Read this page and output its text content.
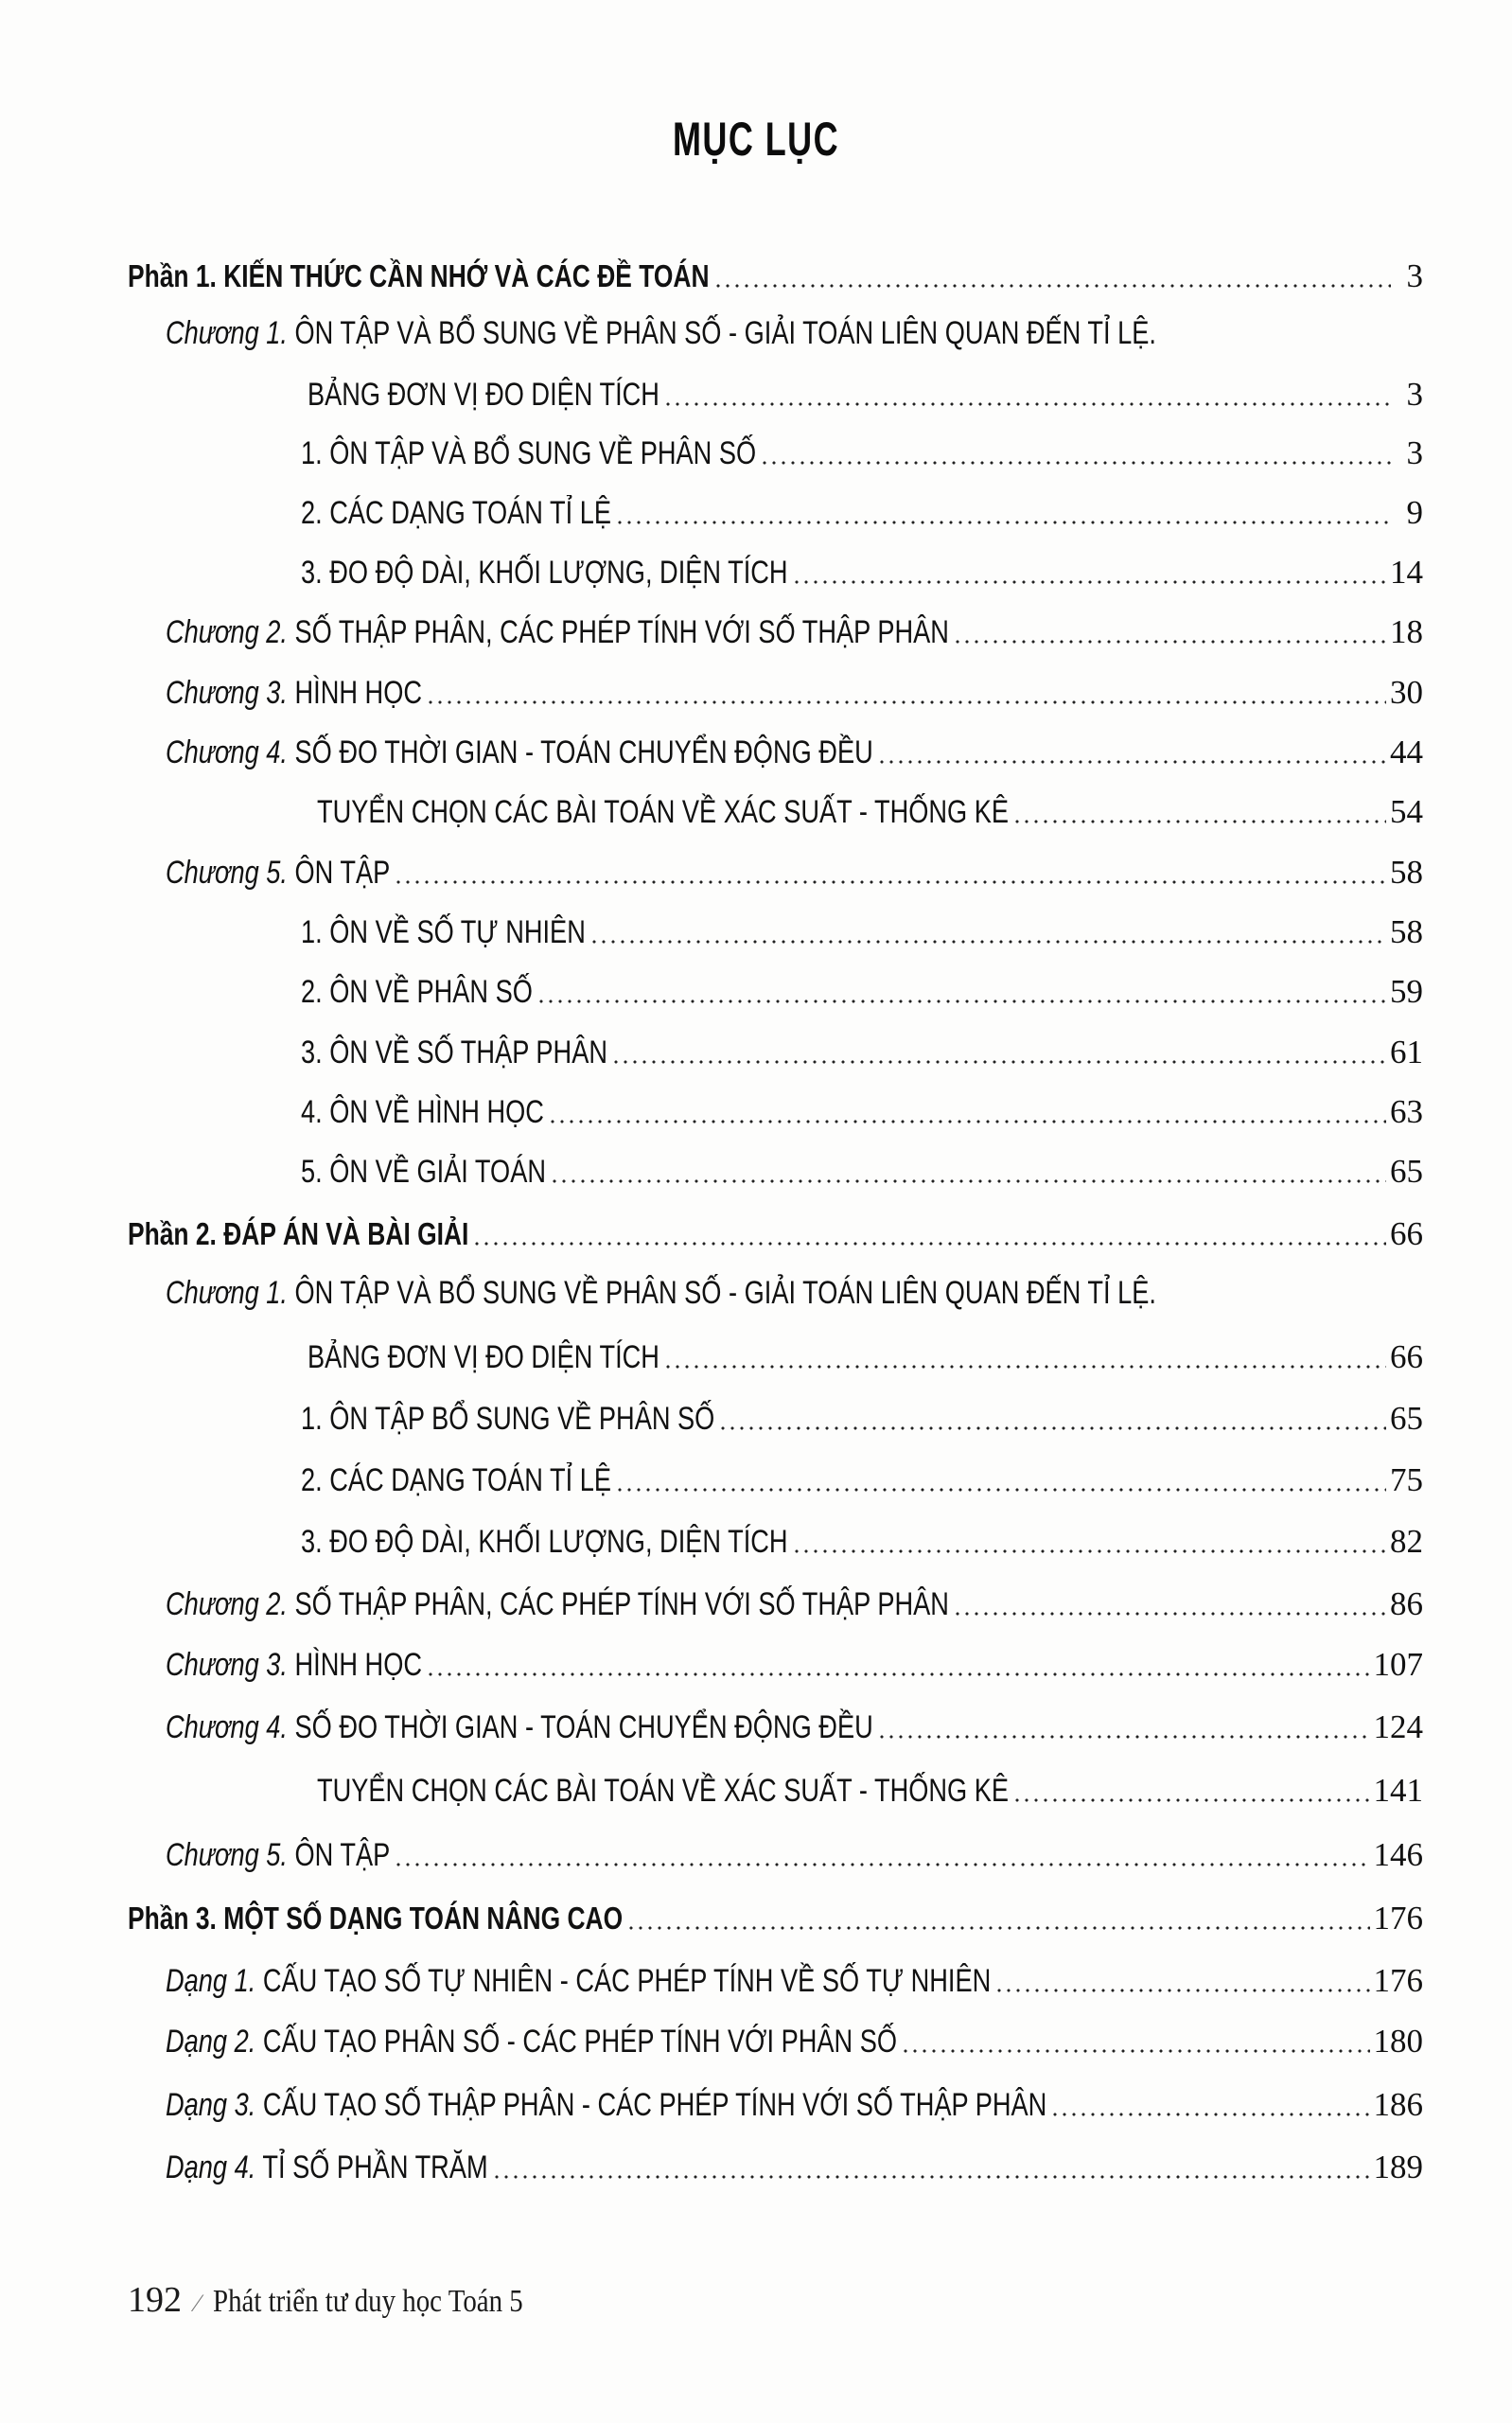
MỤC LỤC
Phần 1. KIẾN THỨC CẦN NHỚ VÀ CÁC ĐỀ TOÁN	3
Chương 1. ÔN TẬP VÀ BỔ SUNG VỀ PHÂN SỐ - GIẢI TOÁN LIÊN QUAN ĐẾN TỈ LỆ.
BẢNG ĐƠN VỊ ĐO DIỆN TÍCH	3
1. ÔN TẬP VÀ BỔ SUNG VỀ PHÂN SỐ	3
2. CÁC DẠNG TOÁN TỈ LỆ	9
3. ĐO ĐỘ DÀI, KHỐI LƯỢNG, DIỆN TÍCH	14
Chương 2. SỐ THẬP PHÂN, CÁC PHÉP TÍNH VỚI SỐ THẬP PHÂN	18
Chương 3. HÌNH HỌC	30
Chương 4. SỐ ĐO THỜI GIAN - TOÁN CHUYỂN ĐỘNG ĐỀU	44
TUYỂN CHỌN CÁC BÀI TOÁN VỀ XÁC SUẤT - THỐNG KÊ	54
Chương 5. ÔN TẬP	58
1. ÔN VỀ SỐ TỰ NHIÊN	58
2. ÔN VỀ PHÂN SỐ	59
3. ÔN VỀ SỐ THẬP PHÂN	61
4. ÔN VỀ HÌNH HỌC	63
5. ÔN VỀ GIẢI TOÁN	65
Phần 2. ĐÁP ÁN VÀ BÀI GIẢI	66
Chương 1. ÔN TẬP VÀ BỔ SUNG VỀ PHÂN SỐ - GIẢI TOÁN LIÊN QUAN ĐẾN TỈ LỆ.
BẢNG ĐƠN VỊ ĐO DIỆN TÍCH	66
1. ÔN TẬP BỔ SUNG VỀ PHÂN SỐ	65
2. CÁC DẠNG TOÁN TỈ LỆ	75
3. ĐO ĐỘ DÀI, KHỐI LƯỢNG, DIỆN TÍCH	82
Chương 2. SỐ THẬP PHÂN, CÁC PHÉP TÍNH VỚI SỐ THẬP PHÂN	86
Chương 3. HÌNH HỌC	107
Chương 4. SỐ ĐO THỜI GIAN - TOÁN CHUYỂN ĐỘNG ĐỀU	124
TUYỂN CHỌN CÁC BÀI TOÁN VỀ XÁC SUẤT - THỐNG KÊ	141
Chương 5. ÔN TẬP	146
Phần 3. MỘT SỐ DẠNG TOÁN NÂNG CAO	176
Dạng 1. CẤU TẠO SỐ TỰ NHIÊN - CÁC PHÉP TÍNH VỀ SỐ TỰ NHIÊN	176
Dạng 2. CẤU TẠO PHÂN SỐ - CÁC PHÉP TÍNH VỚI PHÂN SỐ	180
Dạng 3. CẤU TẠO SỐ THẬP PHÂN - CÁC PHÉP TÍNH VỚI SỐ THẬP PHÂN	186
Dạng 4. TỈ SỐ PHẦN TRĂM	189
192 ⁄ Phát triển tư duy học Toán 5
